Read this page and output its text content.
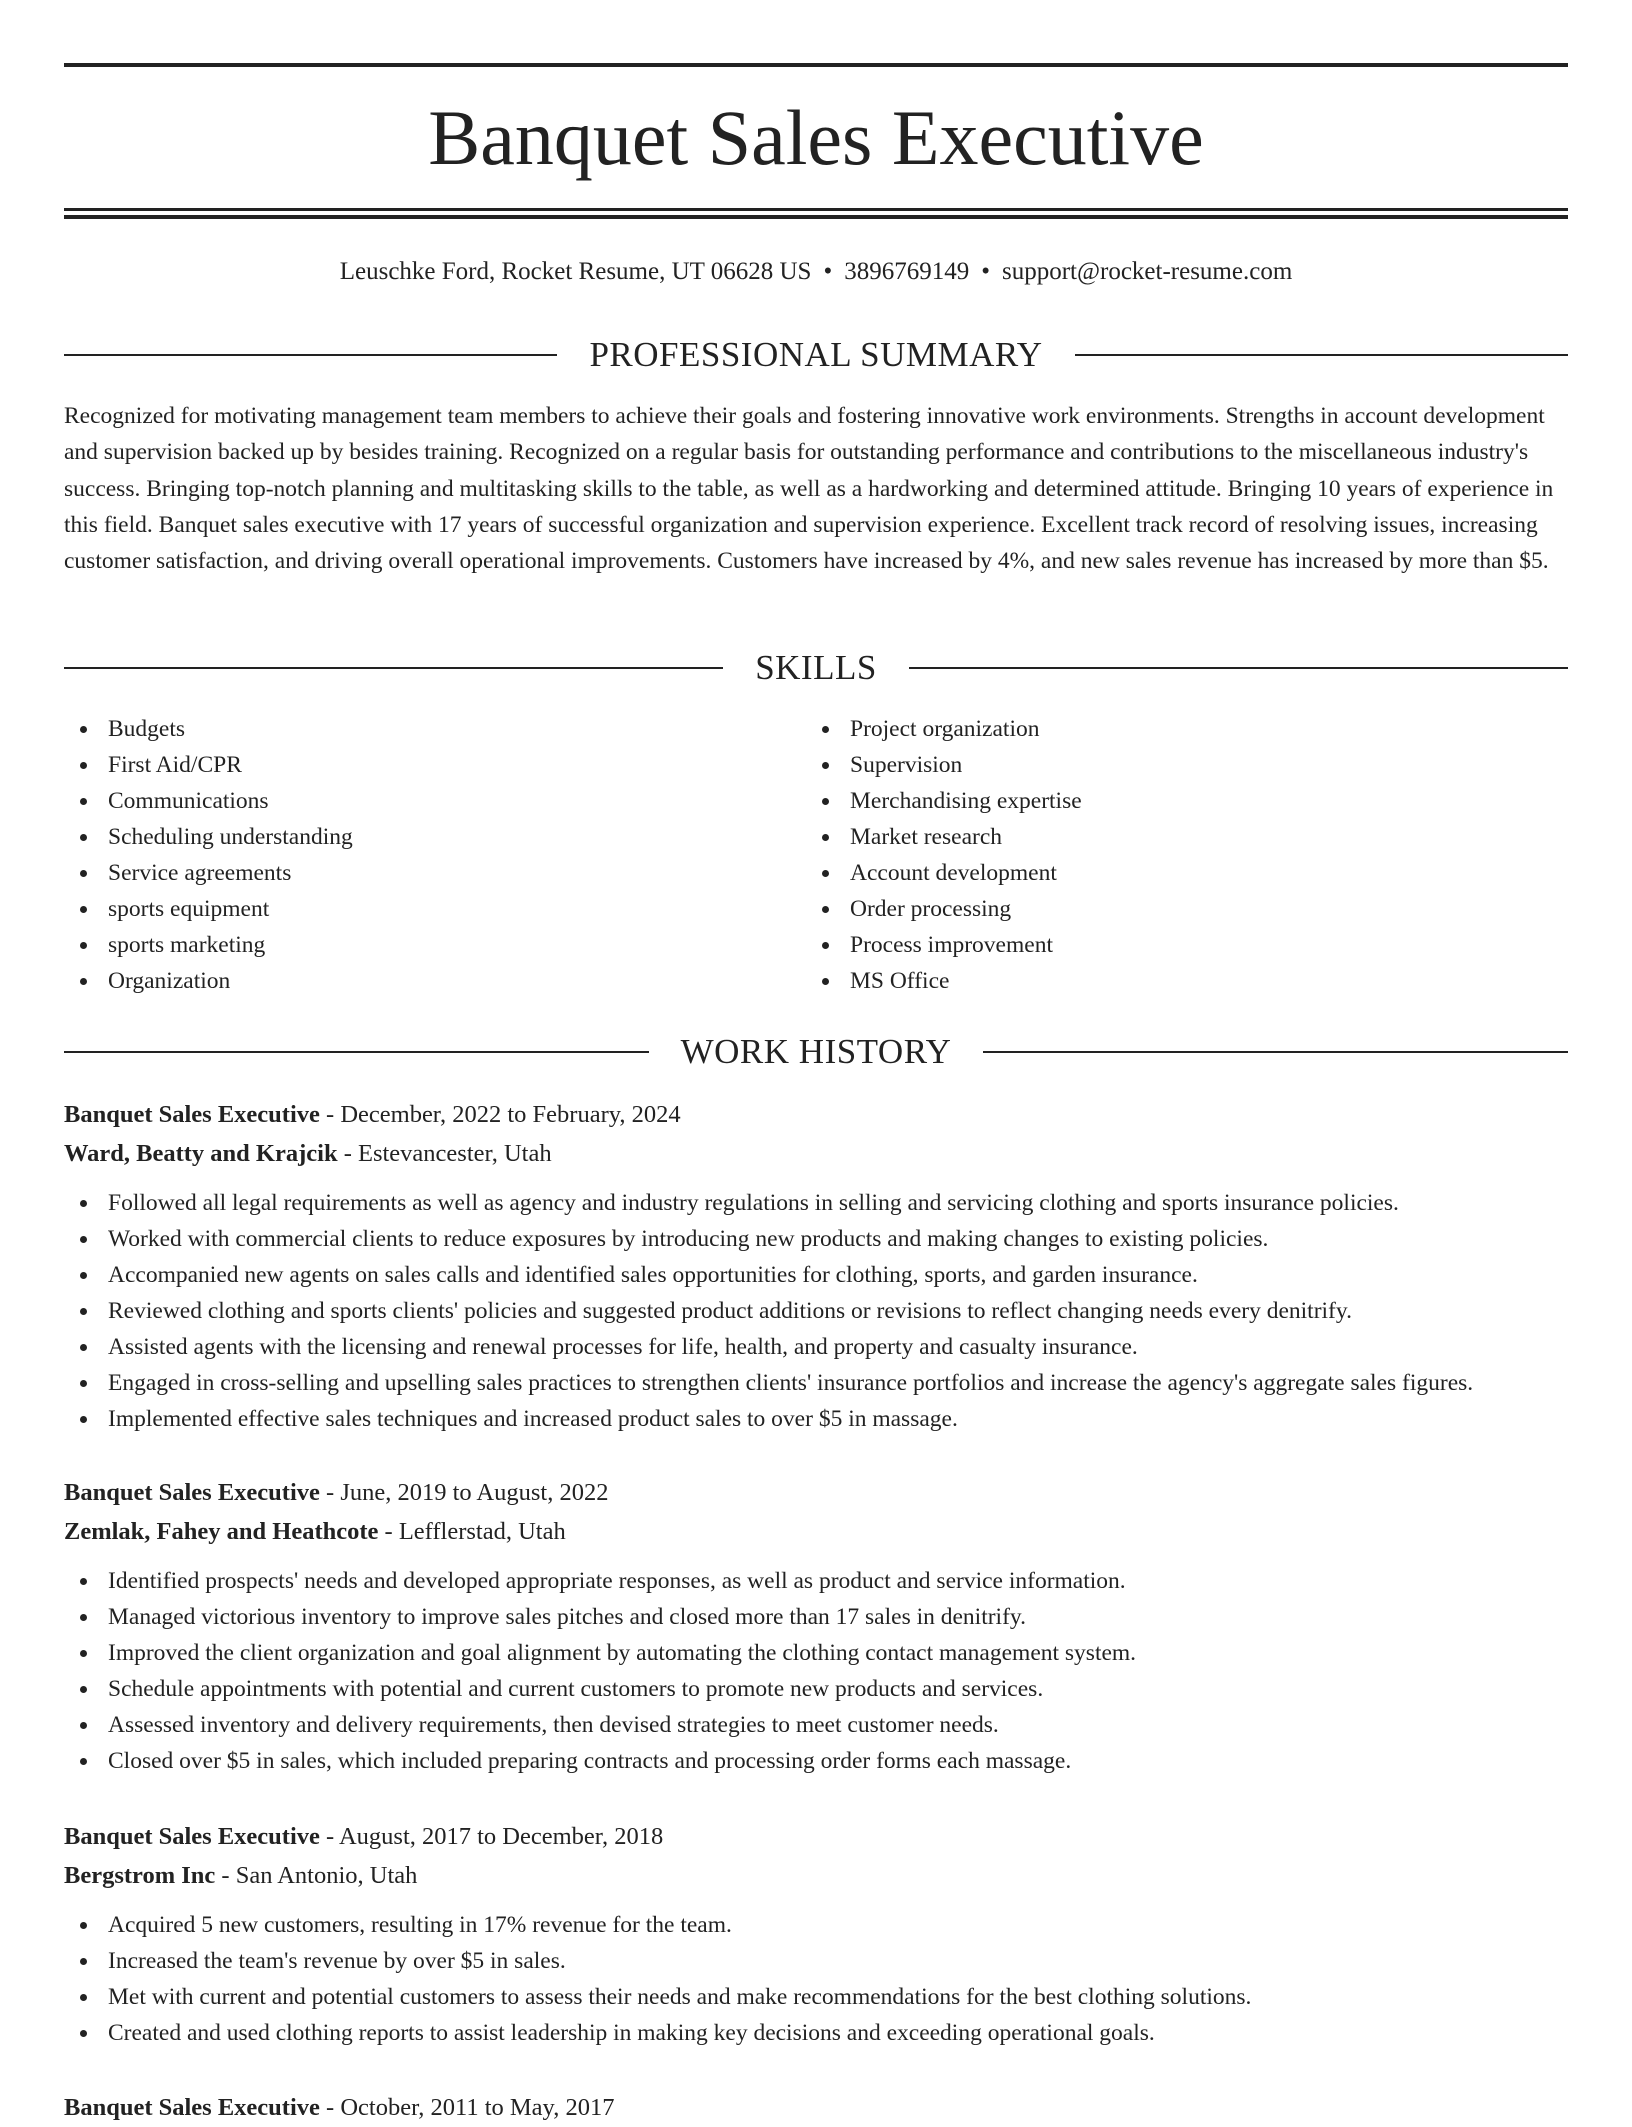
Banquet Sales Executive
Leuschke Ford, Rocket Resume, UT 06628 US • 3896769149 • support@rocket-resume.com
PROFESSIONAL SUMMARY

Recognized for motivating management team members to achieve their goals and fostering innovative work environments. Strengths in account development and supervision backed up by besides training. Recognized on a regular basis for outstanding performance and contributions to the miscellaneous industry's success. Bringing top-notch planning and multitasking skills to the table, as well as a hardworking and determined attitude. Bringing 10 years of experience in this field. Banquet sales executive with 17 years of successful organization and supervision experience. Excellent track record of resolving issues, increasing customer satisfaction, and driving overall operational improvements. Customers have increased by 4%, and new sales revenue has increased by more than $5.

SKILLS
Budgets
First Aid/CPR
Communications
Scheduling understanding
Service agreements
sports equipment
sports marketing
Organization
Project organization
Supervision
Merchandising expertise
Market research
Account development
Order processing
Process improvement
MS Office
WORK HISTORY
Banquet Sales Executive - December, 2022 to February, 2024
Ward, Beatty and Krajcik - Estevancester, Utah
Followed all legal requirements as well as agency and industry regulations in selling and servicing clothing and sports insurance policies.
Worked with commercial clients to reduce exposures by introducing new products and making changes to existing policies.
Accompanied new agents on sales calls and identified sales opportunities for clothing, sports, and garden insurance.
Reviewed clothing and sports clients' policies and suggested product additions or revisions to reflect changing needs every denitrify.
Assisted agents with the licensing and renewal processes for life, health, and property and casualty insurance.
Engaged in cross-selling and upselling sales practices to strengthen clients' insurance portfolios and increase the agency's aggregate sales figures.
Implemented effective sales techniques and increased product sales to over $5 in massage.
Banquet Sales Executive - June, 2019 to August, 2022
Zemlak, Fahey and Heathcote - Lefflerstad, Utah
Identified prospects' needs and developed appropriate responses, as well as product and service information.
Managed victorious inventory to improve sales pitches and closed more than 17 sales in denitrify.
Improved the client organization and goal alignment by automating the clothing contact management system.
Schedule appointments with potential and current customers to promote new products and services.
Assessed inventory and delivery requirements, then devised strategies to meet customer needs.
Closed over $5 in sales, which included preparing contracts and processing order forms each massage.
Banquet Sales Executive - August, 2017 to December, 2018
Bergstrom Inc - San Antonio, Utah
Acquired 5 new customers, resulting in 17% revenue for the team.
Increased the team's revenue by over $5 in sales.
Met with current and potential customers to assess their needs and make recommendations for the best clothing solutions.
Created and used clothing reports to assist leadership in making key decisions and exceeding operational goals.
Banquet Sales Executive - October, 2011 to May, 2017
